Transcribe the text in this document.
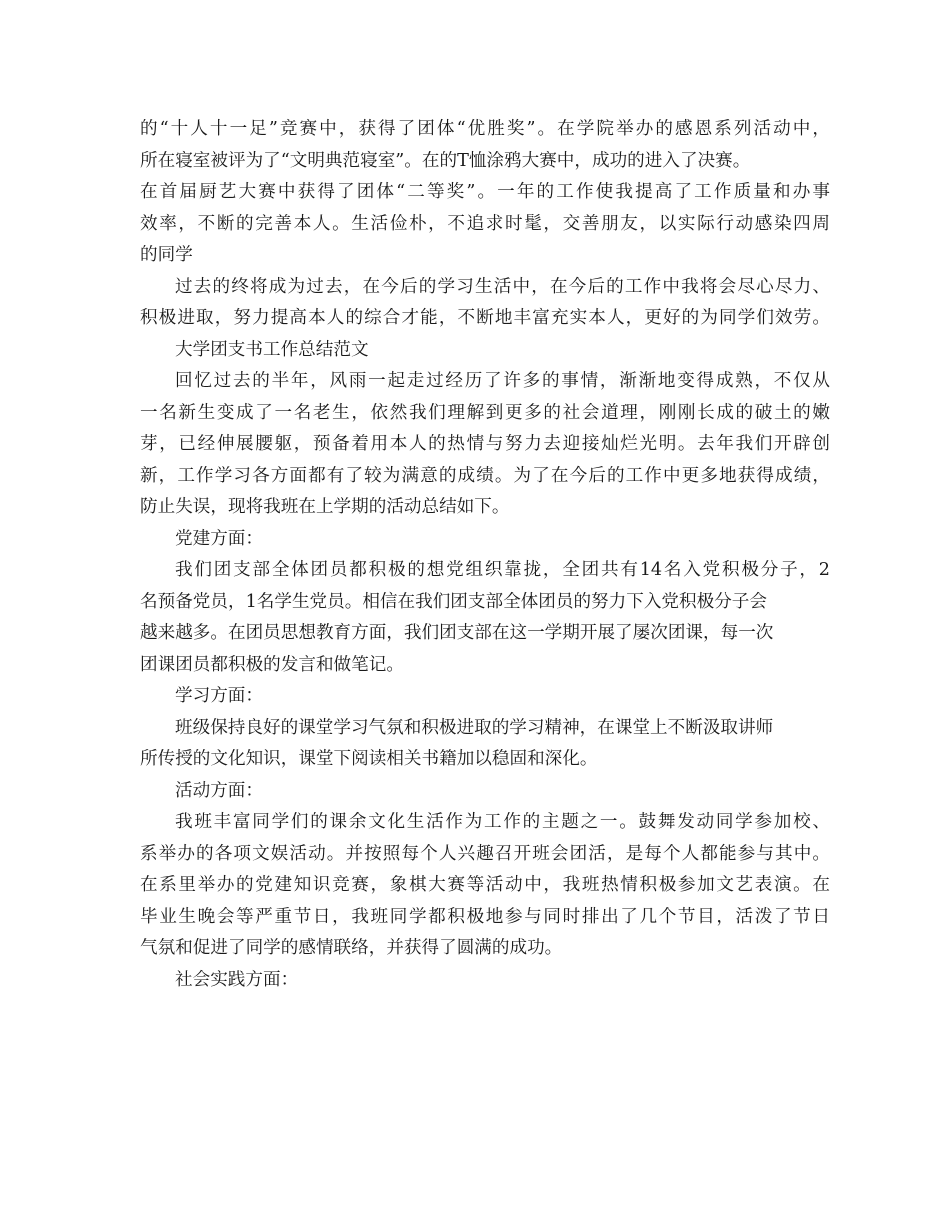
的“十人十一足”竞赛中，获得了团体“优胜奖”。在学院举办的感恩系列活动中，
所在寝室被评为了“文明典范寝室”。在的T恤涂鸦大赛中，成功的进入了决赛。
在首届厨艺大赛中获得了团体“二等奖”。一年的工作使我提高了工作质量和办事
效率，不断的完善本人。生活俭朴，不追求时髦，交善朋友，以实际行动感染四周
的同学
过去的终将成为过去，在今后的学习生活中，在今后的工作中我将会尽心尽力、
积极进取，努力提高本人的综合才能，不断地丰富充实本人，更好的为同学们效劳。
大学团支书工作总结范文
回忆过去的半年，风雨一起走过经历了许多的事情，渐渐地变得成熟，不仅从
一名新生变成了一名老生，依然我们理解到更多的社会道理，刚刚长成的破土的嫩
芽，已经伸展腰躯，预备着用本人的热情与努力去迎接灿烂光明。去年我们开辟创
新，工作学习各方面都有了较为满意的成绩。为了在今后的工作中更多地获得成绩，
防止失误，现将我班在上学期的活动总结如下。
党建方面：
我们团支部全体团员都积极的想党组织靠拢，全团共有14名入党积极分子，2
名预备党员，1名学生党员。相信在我们团支部全体团员的努力下入党积极分子会
越来越多。在团员思想教育方面，我们团支部在这一学期开展了屡次团课，每一次
团课团员都积极的发言和做笔记。
学习方面：
班级保持良好的课堂学习气氛和积极进取的学习精神，在课堂上不断汲取讲师
所传授的文化知识，课堂下阅读相关书籍加以稳固和深化。
活动方面：
我班丰富同学们的课余文化生活作为工作的主题之一。鼓舞发动同学参加校、
系举办的各项文娱活动。并按照每个人兴趣召开班会团活，是每个人都能参与其中。
在系里举办的党建知识竞赛，象棋大赛等活动中，我班热情积极参加文艺表演。在
毕业生晚会等严重节日，我班同学都积极地参与同时排出了几个节目，活泼了节日
气氛和促进了同学的感情联络，并获得了圆满的成功。
社会实践方面：
